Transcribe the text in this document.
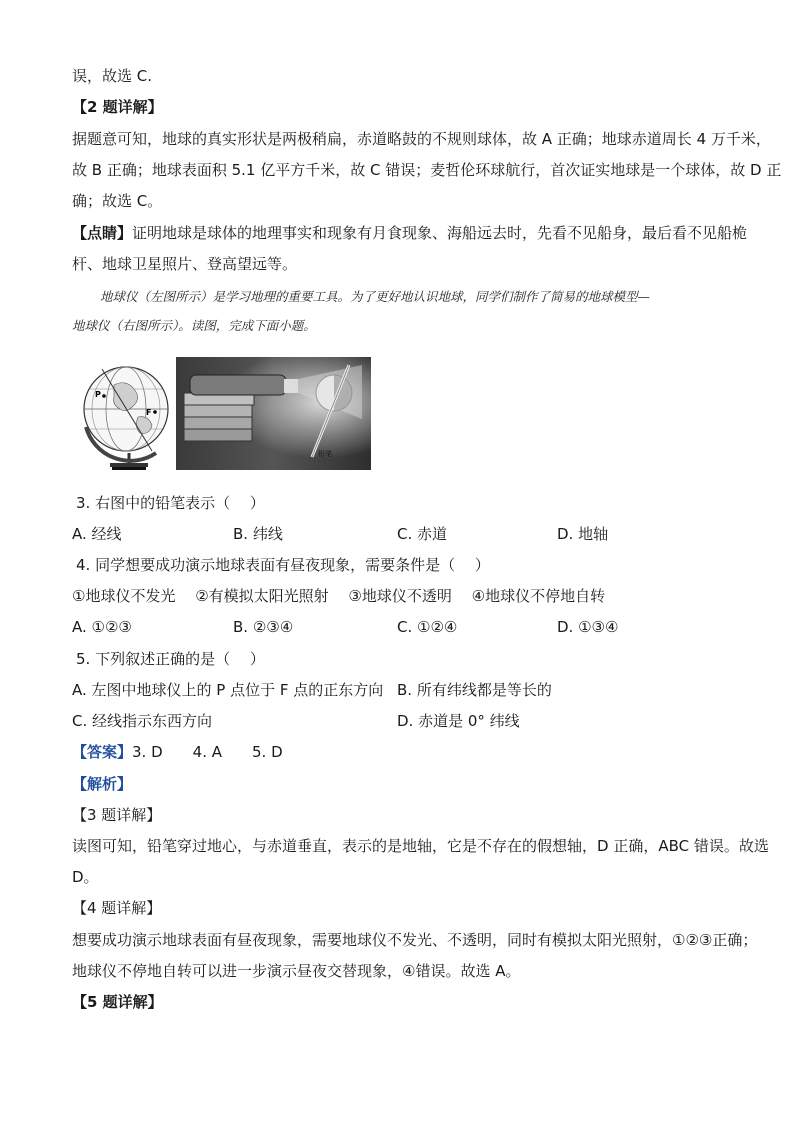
误，故选 C.
【2 题详解】
据题意可知，地球的真实形状是两极稍扁，赤道略鼓的不规则球体，故 A 正确；地球赤道周长 4 万千米，
故 B 正确；地球表面积 5.1 亿平方千米，故 C 错误；麦哲伦环球航行，首次证实地球是一个球体，故 D 正
确；故选 C。
【点睛】证明地球是球体的地理事实和现象有月食现象、海船远去时，先看不见船身，最后看不见船桅
杆、地球卫星照片、登高望远等。
地球仪（左图所示）是学习地理的重要工具。为了更好地认识地球，同学们制作了简易的地球模型—
地球仪（右图所示）。读图，完成下面小题。
P
F
铅笔
3. 右图中的铅笔表示（　 ）
A. 经线	B. 纬线	C. 赤道	D. 地轴
4. 同学想要成功演示地球表面有昼夜现象，需要条件是（　 ）
①地球仪不发光　 ②有模拟太阳光照射　 ③地球仪不透明　 ④地球仪不停地自转
A. ①②③	B. ②③④	C. ①②④	D. ①③④
5. 下列叙述正确的是（　 ）
A. 左图中地球仪上的 P 点位于 F 点的正东方向 B. 所有纬线都是等长的
C. 经线指示东西方向	D. 赤道是 0° 纬线
【答案】3. D　　4. A　　5. D
【解析】
【3 题详解】
读图可知，铅笔穿过地心，与赤道垂直，表示的是地轴，它是不存在的假想轴，D 正确，ABC 错误。故选
D。
【4 题详解】
想要成功演示地球表面有昼夜现象，需要地球仪不发光、不透明，同时有模拟太阳光照射，①②③正确；
地球仪不停地自转可以进一步演示昼夜交替现象，④错误。故选 A。
【5 题详解】
